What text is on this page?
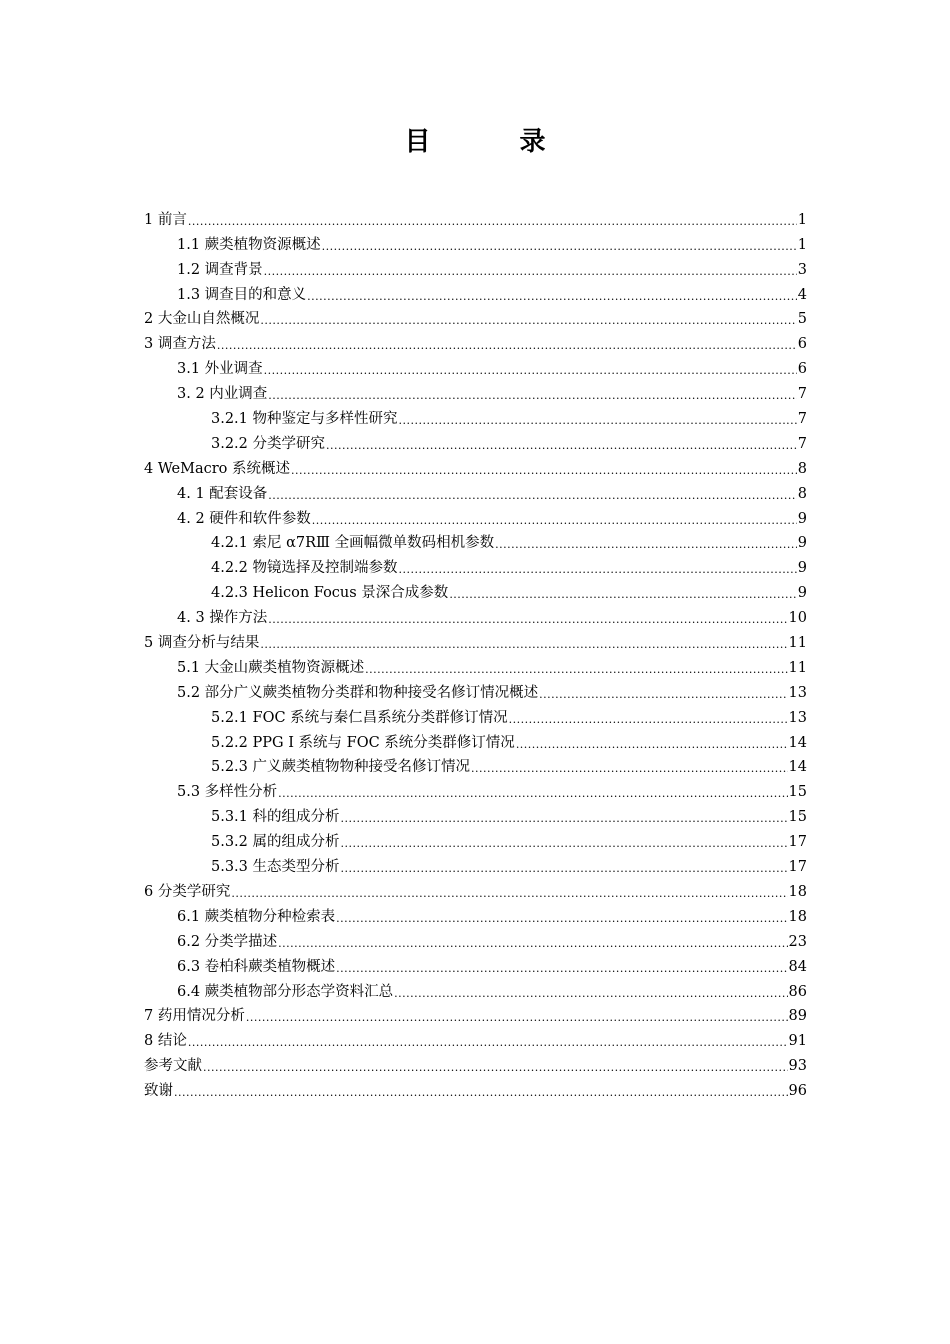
目 录
1 前言 .....	1
1.1 蕨类植物资源概述 .....	1
1.2 调查背景 .....	3
1.3 调查目的和意义 .....	4
2 大金山自然概况 .....	5
3 调查方法 .....	6
3.1 外业调查 .....	6
3. 2 内业调查 .....	7
3.2.1 物种鉴定与多样性研究 .....	7
3.2.2 分类学研究 .....	7
4 WeMacro 系统概述 .....	8
4. 1 配套设备 .....	8
4. 2 硬件和软件参数 .....	9
4.2.1 索尼 α7RⅢ 全画幅微单数码相机参数 .....	9
4.2.2 物镜选择及控制端参数 .....	9
4.2.3 Helicon Focus 景深合成参数 .....	9
4. 3 操作方法 .....	10
5 调查分析与结果 .....	11
5.1 大金山蕨类植物资源概述 .....	11
5.2 部分广义蕨类植物分类群和物种接受名修订情况概述 .....	13
5.2.1 FOC 系统与秦仁昌系统分类群修订情况 .....	13
5.2.2 PPG I 系统与 FOC 系统分类群修订情况 .....	14
5.2.3 广义蕨类植物物种接受名修订情况 .....	14
5.3 多样性分析 .....	15
5.3.1 科的组成分析 .....	15
5.3.2 属的组成分析 .....	17
5.3.3 生态类型分析 .....	17
6 分类学研究 .....	18
6.1 蕨类植物分种检索表 .....	18
6.2 分类学描述 .....	23
6.3 卷柏科蕨类植物概述 .....	84
6.4 蕨类植物部分形态学资料汇总 .....	86
7 药用情况分析 .....	89
8 结论 .....	91
参考文献 .....	93
致谢 .....	96
